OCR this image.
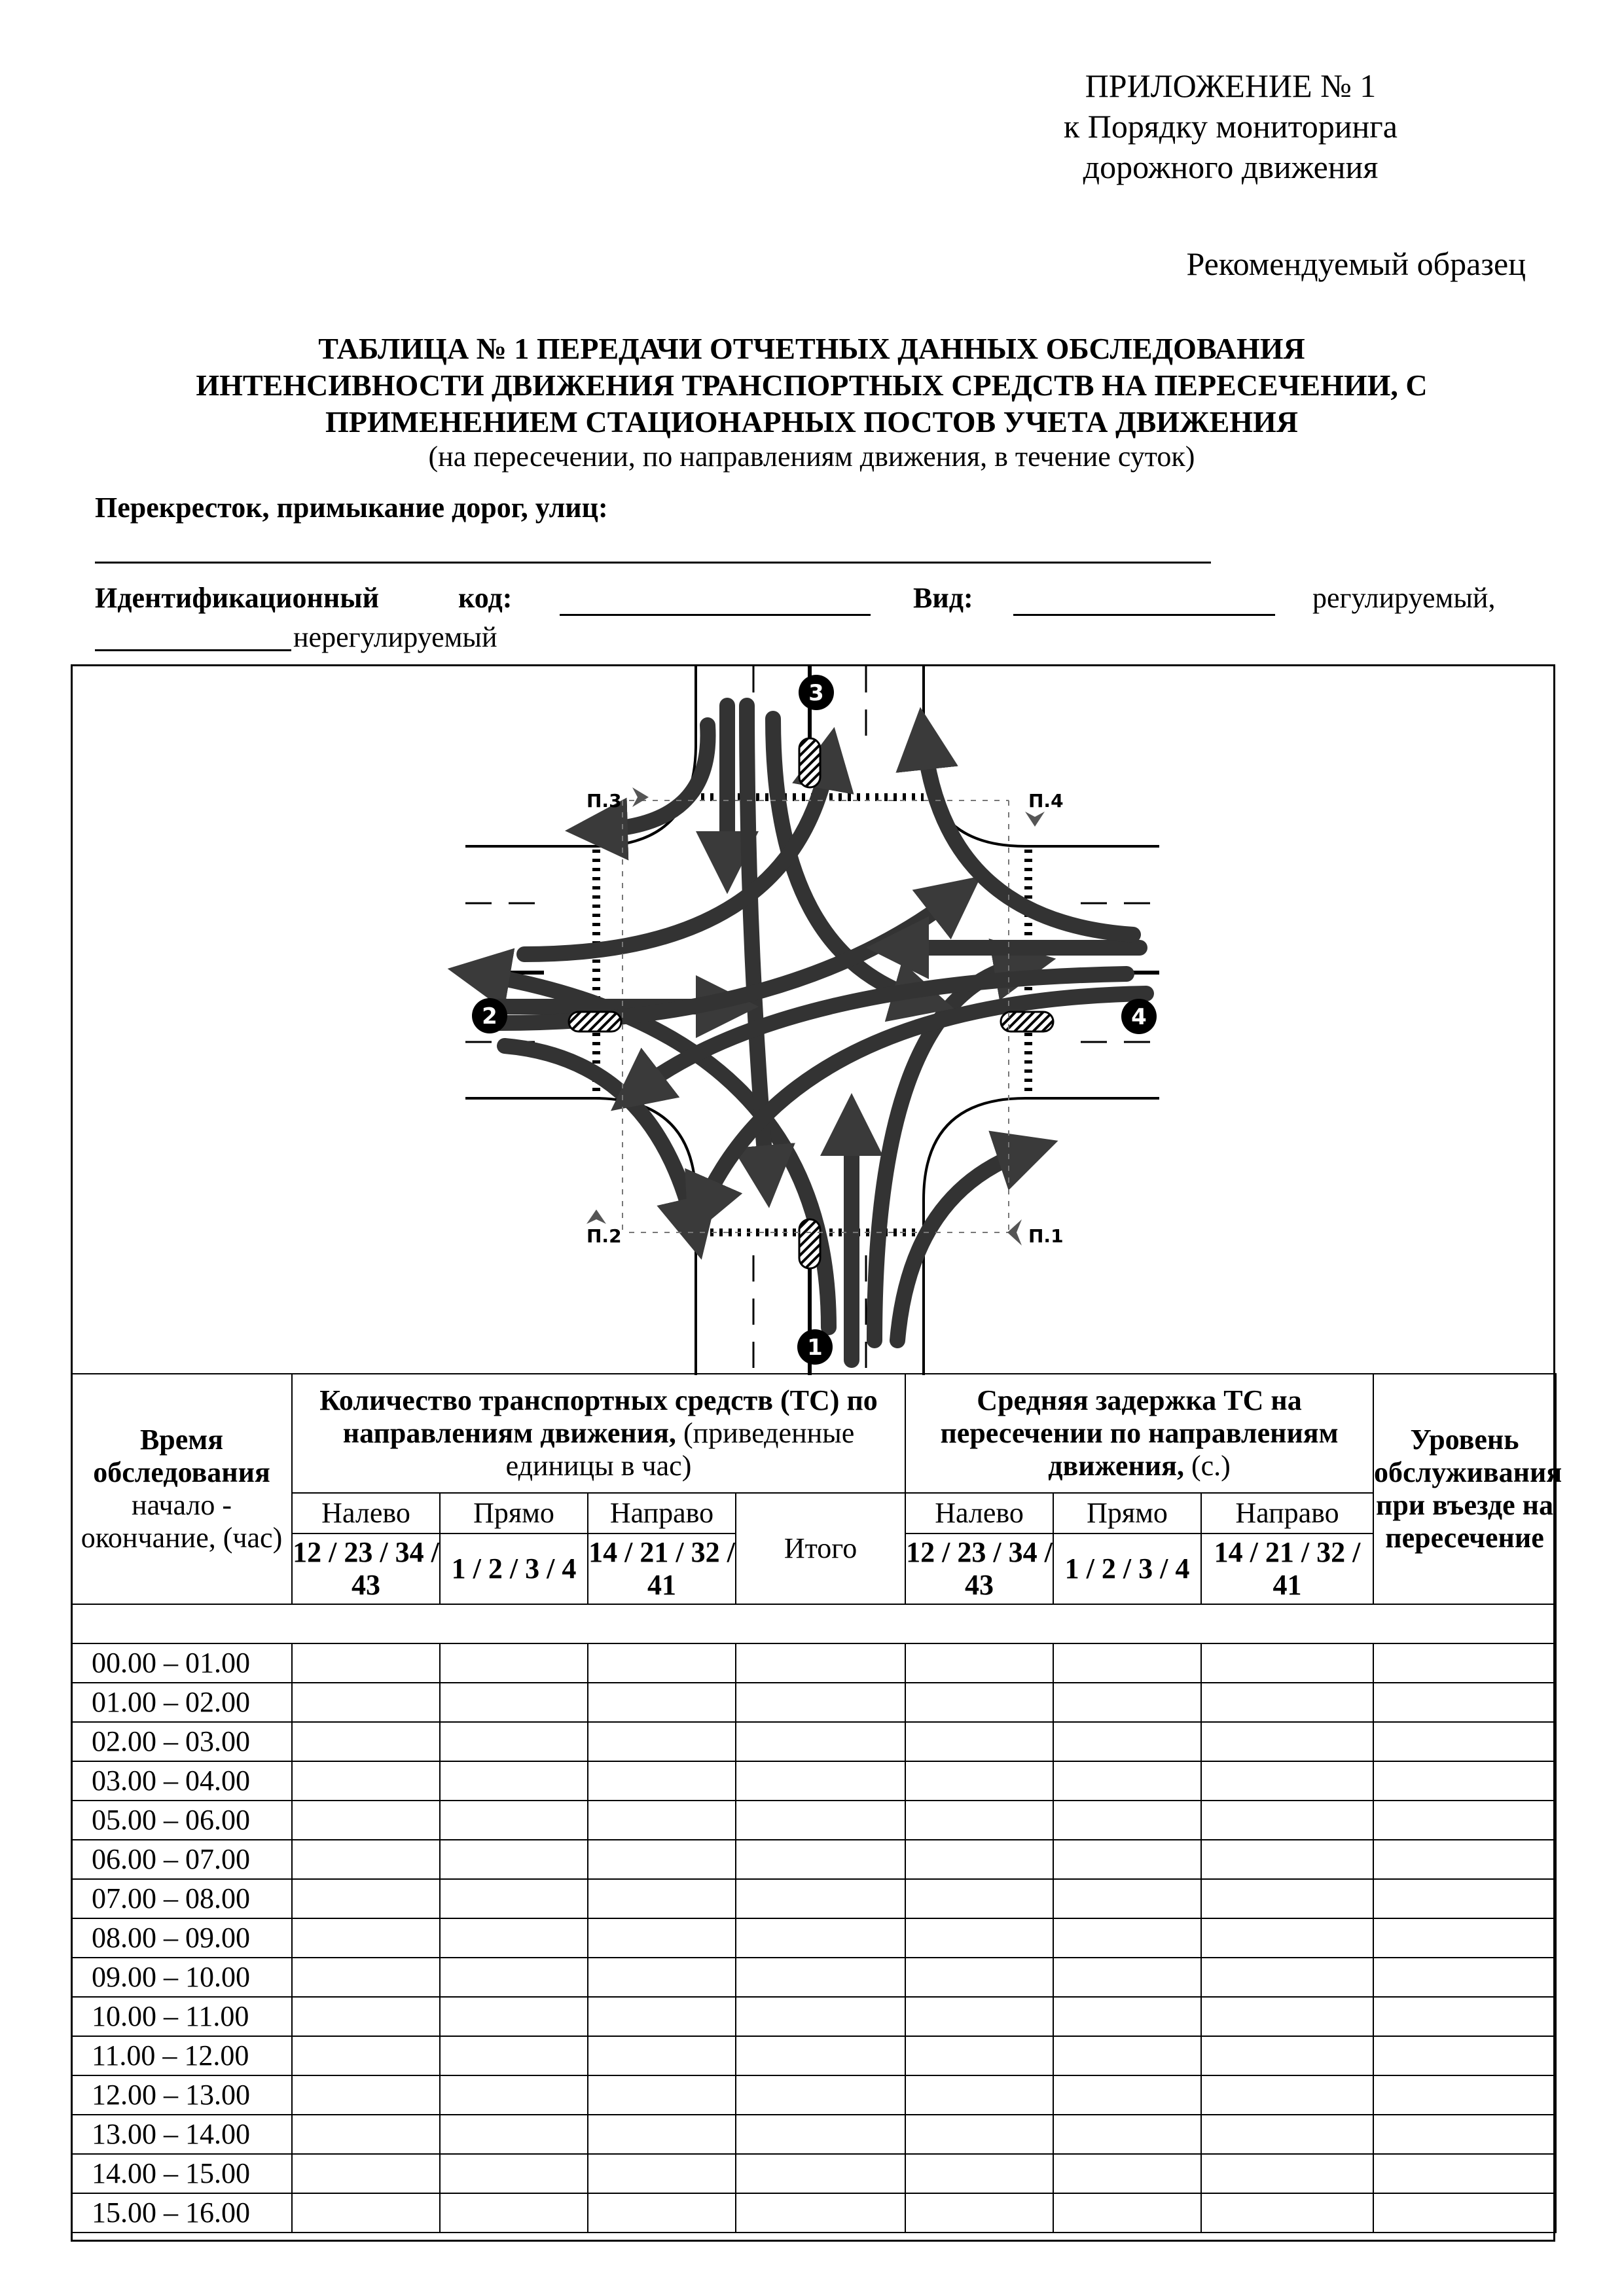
ПРИЛОЖЕНИЕ № 1
к Порядку мониторинга
дорожного движения
Рекомендуемый образец
ТАБЛИЦА № 1 ПЕРЕДАЧИ ОТЧЕТНЫХ ДАННЫХ ОБСЛЕДОВАНИЯ
ИНТЕНСИВНОСТИ ДВИЖЕНИЯ ТРАНСПОРТНЫХ СРЕДСТВ НА ПЕРЕСЕЧЕНИИ, С
ПРИМЕНЕНИЕМ СТАЦИОНАРНЫХ ПОСТОВ УЧЕТА ДВИЖЕНИЯ
(на пересечении, по направлениям движения, в течение суток)
Перекресток, примыкание дорог, улиц:
Идентификационный	код:	Вид:	регулируемый,
нерегулируемый
1
2
3
4
П.1
П.2
П.3	П.4
Время обследования
начало - окончание, (час)	Количество транспортных средств (ТС) по направлениям движения, (приведенные единицы в час)				Средняя задержка ТС на пересечении по направлениям движения, (с.)			Уровень обслуживания при въезде на пересечение
	Налево	Прямо	Направо	Итого	Налево	Прямо	Направо	
	12 / 23 / 34 / 43	1 / 2 / 3 / 4	14 / 21 / 32 / 41		12 / 23 / 34 / 43	1 / 2 / 3 / 4	14 / 21 / 32 / 41	

00.00 – 01.00								
01.00 – 02.00								
02.00 – 03.00								
03.00 – 04.00								
05.00 – 06.00								
06.00 – 07.00								
07.00 – 08.00								
08.00 – 09.00								
09.00 – 10.00								
10.00 – 11.00								
11.00 – 12.00								
12.00 – 13.00								
13.00 – 14.00								
14.00 – 15.00								
15.00 – 16.00								
